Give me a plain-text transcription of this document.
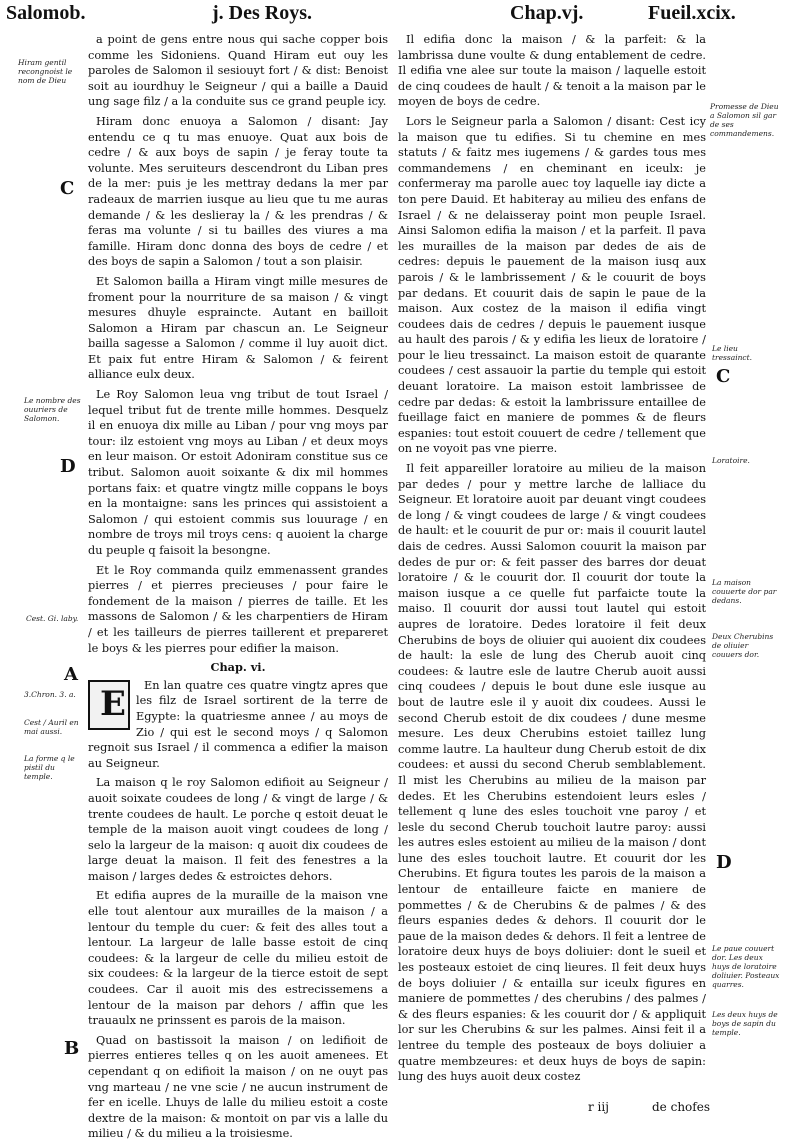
Salomob.	j. Des Roys.	Chap.vj.	Fueil.xcix.
Hiram gentil recongnoist le nom de Dieu
Le nombre des ouuriers de Salomon.
Cest. Gi. laby.
3.Chron. 3. a.
Cest / Auril en mai aussi.
La forme q le pistil du temple.
C
D
A
B

a point de gens entre nous qui sache copper bois comme les Sidoniens. Quand Hiram eut ouy les paroles de Salomon il sesiouyt fort / & dist: Benoist soit au iourdhuy le Seigneur / qui a baille a Dauid ung sage filz / a la conduite sus ce grand peuple icy.

Hiram donc enuoya a Salomon / disant: Jay entendu ce q tu mas enuoye. Quat aux bois de cedre / & aux boys de sapin / je feray toute ta volunte. Mes seruiteurs descendront du Liban pres de la mer: puis je les mettray dedans la mer par radeaux de marrien iusque au lieu que tu me auras demande / & les deslieray la / & les prendras / & feras ma volunte / si tu bailles des viures a ma famille. Hiram donc donna des boys de cedre / et des boys de sapin a Salomon / tout a son plaisir.

Et Salomon bailla a Hiram vingt mille mesures de froment pour la nourriture de sa maison / & vingt mesures dhuyle espraincte. Autant en bailloit Salomon a Hiram par chascun an. Le Seigneur bailla sagesse a Salomon / comme il luy auoit dict. Et paix fut entre Hiram & Salomon / & feirent alliance eulx deux.

Le Roy Salomon leua vng tribut de tout Israel / lequel tribut fut de trente mille hommes. Desquelz il en enuoya dix mille au Liban / pour vng moys par tour: ilz estoient vng moys au Liban / et deux moys en leur maison. Or estoit Adoniram constitue sus ce tribut. Salomon auoit soixante & dix mil hommes portans faix: et quatre vingtz mille coppans le boys en la montaigne: sans les princes qui assistoient a Salomon / qui estoient commis sus louurage / en nombre de troys mil troys cens: q auoient la charge du peuple q faisoit la besongne.

Et le Roy commanda quilz emmenassent grandes pierres / et pierres precieuses / pour faire le fondement de la maison / pierres de taille. Et les massons de Salomon / & les charpentiers de Hiram / et les tailleurs de pierres taillerent et prepareret le boys & les pierres pour edifier la maison.

Chap. vi.

E	En lan quatre ces quatre vingtz apres que les filz de Israel sortirent de la terre de Egypte: la quatriesme annee / au moys de Zio / qui est le second moys / q Salomon regnoit sus Israel / il commenca a edifier la maison au Seigneur.

La maison q le roy Salomon edifioit au Seigneur / auoit soixate coudees de long / & vingt de large / & trente coudees de hault. Le porche q estoit deuat le temple de la maison auoit vingt coudees de long / selo la largeur de la maison: q auoit dix coudees de large deuat la maison. Il feit des fenestres a la maison / larges dedes & estroictes dehors.

Et edifia aupres de la muraille de la maison vne elle tout alentour aux murailles de la maison / a lentour du temple du cuer: & feit des alles tout a lentour. La largeur de lalle basse estoit de cinq coudees: & la largeur de celle du milieu estoit de six coudees: & la largeur de la tierce estoit de sept coudees. Car il auoit mis des estrecissemens a lentour de la maison par dehors / affin que les trauaulx ne prinssent es parois de la maison.

Quad on bastissoit la maison / on ledifioit de pierres entieres telles q on les auoit amenees. Et cependant q on edifioit la maison / on ne ouyt pas vng marteau / ne vne scie / ne aucun instrument de fer en icelle. Lhuys de lalle du milieu estoit a coste dextre de la maison: & montoit on par vis a lalle du milieu / & du milieu a la troisiesme.

Il edifia donc la maison / & la parfeit: & la lambrissa dune voulte & dung entablement de cedre. Il edifia vne alee sur toute la maison / laquelle estoit de cinq coudees de hault / & tenoit a la maison par le moyen de boys de cedre.

Lors le Seigneur parla a Salomon / disant: Cest icy la maison que tu edifies. Si tu chemine en mes statuts / & faitz mes iugemens / & gardes tous mes commandemens / en cheminant en iceulx: je confermeray ma parolle auec toy laquelle iay dicte a ton pere Dauid. Et habiteray au milieu des enfans de Israel / & ne delaisseray point mon peuple Israel. Ainsi Salomon edifia la maison / et la parfeit. Il pava les murailles de la maison par dedes de ais de cedres: depuis le pauement de la maison iusq aux parois / & le lambrissement / & le couurit de boys par dedans. Et couurit dais de sapin le paue de la maison. Aux costez de la maison il edifia vingt coudees dais de cedres / depuis le pauement iusque au hault des parois / & y edifia les lieux de loratoire / pour le lieu tressainct. La maison estoit de quarante coudees / cest assauoir la partie du temple qui estoit deuant loratoire. La maison estoit lambrissee de cedre par dedas: & estoit la lambrissure entaillee de fueillage faict en maniere de pommes & de fleurs espanies: tout estoit couuert de cedre / tellement que on ne voyoit pas vne pierre.

Il feit appareiller loratoire au milieu de la maison par dedes / pour y mettre larche de lalliace du Seigneur. Et loratoire auoit par deuant vingt coudees de long / & vingt coudees de large / & vingt coudees de hault: et le couurit de pur or: mais il couurit lautel dais de cedres. Aussi Salomon couurit la maison par dedes de pur or: & feit passer des barres dor deuat loratoire / & le couurit dor. Il couurit dor toute la maison iusque a ce quelle fut parfaicte toute la maiso. Il couurit dor aussi tout lautel qui estoit aupres de loratoire. Dedes loratoire il feit deux Cherubins de boys de oliuier qui auoient dix coudees de hault: la esle de lung des Cherub auoit cinq coudees: & lautre esle de lautre Cherub auoit aussi cinq coudees / depuis le bout dune esle iusque au bout de lautre esle il y auoit dix coudees. Aussi le second Cherub estoit de dix coudees / dune mesme mesure. Les deux Cherubins estoiet taillez lung comme lautre. La haulteur dung Cherub estoit de dix coudees: et aussi du second Cherub semblablement. Il mist les Cherubins au milieu de la maison par dedes. Et les Cherubins estendoient leurs esles / tellement q lune des esles touchoit vne paroy / et lesle du second Cherub touchoit lautre paroy: aussi les autres esles estoient au milieu de la maison / dont lune des esles touchoit lautre. Et couurit dor les Cherubins. Et figura toutes les parois de la maison a lentour de entailleure faicte en maniere de pommettes / & de Cherubins & de palmes / & des fleurs espanies dedes & dehors. Il couurit dor le paue de la maison dedes & dehors. Il feit a lentree de loratoire deux huys de boys doliuier: dont le sueil et les posteaux estoiet de cinq lieures. Il feit deux huys de boys doliuier / & entailla sur iceulx figures en maniere de pommettes / des cherubins / des palmes / & des fleurs espanies: & les couurit dor / & appliquit lor sur les Cherubins & sur les palmes. Ainsi feit il a lentree du temple des posteaux de boys doliuier a quatre membzeures: et deux huys de boys de sapin: lung des huys auoit deux costez

r iij	de chofes
Promesse de Dieu a Salomon sil gar de ses commandemens.
Le lieu tressainct.
Loratoire.
La maison couuerte dor par dedans.
Deux Cherubins de oliuier couuers dor.
Le paue couuert dor. Les deux huys de loratoire doliuier. Posteaux quarres.
Les deux huys de boys de sapin du temple.
C
D
